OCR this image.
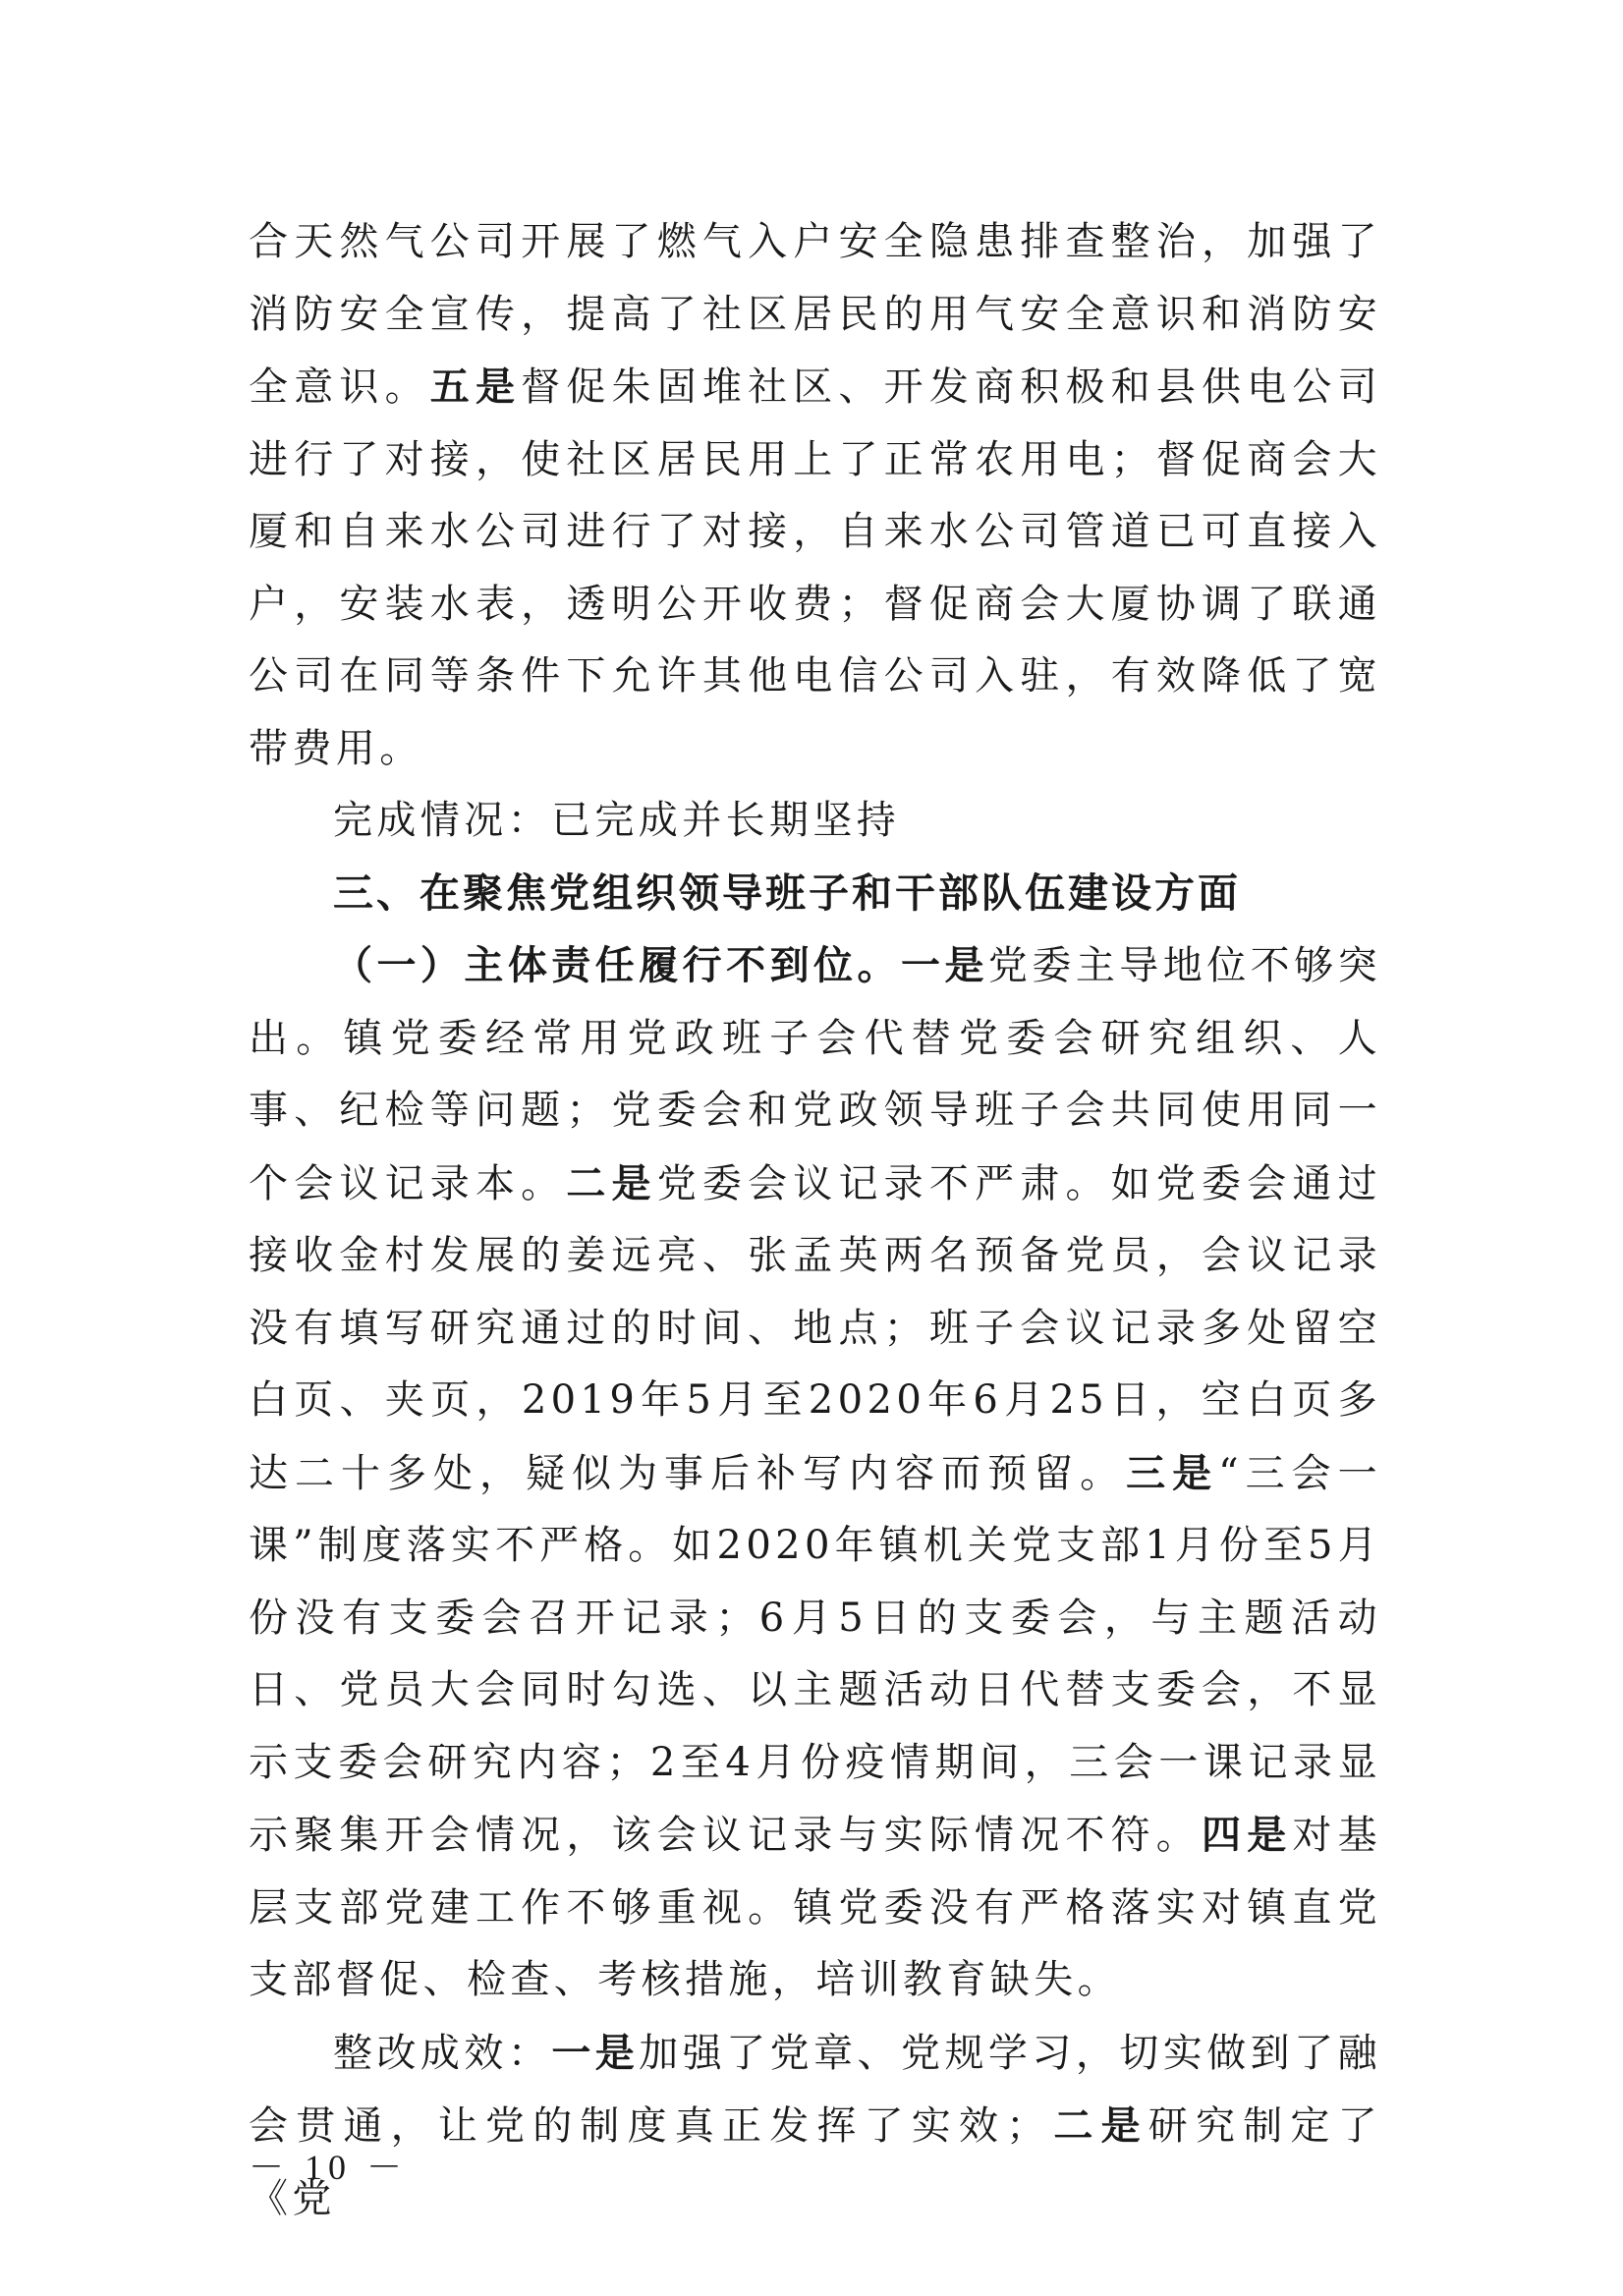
合天然气公司开展了燃气入户安全隐患排查整治，加强了消防安全宣传，提高了社区居民的用气安全意识和消防安全意识。五是督促朱固堆社区、开发商积极和县供电公司进行了对接，使社区居民用上了正常农用电；督促商会大厦和自来水公司进行了对接，自来水公司管道已可直接入户，安装水表，透明公开收费；督促商会大厦协调了联通公司在同等条件下允许其他电信公司入驻，有效降低了宽带费用。

完成情况：已完成并长期坚持

三、在聚焦党组织领导班子和干部队伍建设方面

（一）主体责任履行不到位。一是党委主导地位不够突出。镇党委经常用党政班子会代替党委会研究组织、人事、纪检等问题；党委会和党政领导班子会共同使用同一个会议记录本。二是党委会议记录不严肃。如党委会通过接收金村发展的姜远亮、张孟英两名预备党员，会议记录没有填写研究通过的时间、地点；班子会议记录多处留空白页、夹页，2019年5月至2020年6月25日，空白页多达二十多处，疑似为事后补写内容而预留。三是“三会一课”制度落实不严格。如2020年镇机关党支部1月份至5月份没有支委会召开记录；6月5日的支委会，与主题活动日、党员大会同时勾选、以主题活动日代替支委会，不显示支委会研究内容；2至4月份疫情期间，三会一课记录显示聚集开会情况，该会议记录与实际情况不符。四是对基层支部党建工作不够重视。镇党委没有严格落实对镇直党支部督促、检查、考核措施，培训教育缺失。

整改成效：一是加强了党章、党规学习，切实做到了融会贯通，让党的制度真正发挥了实效；二是研究制定了《党

－ 10 －
